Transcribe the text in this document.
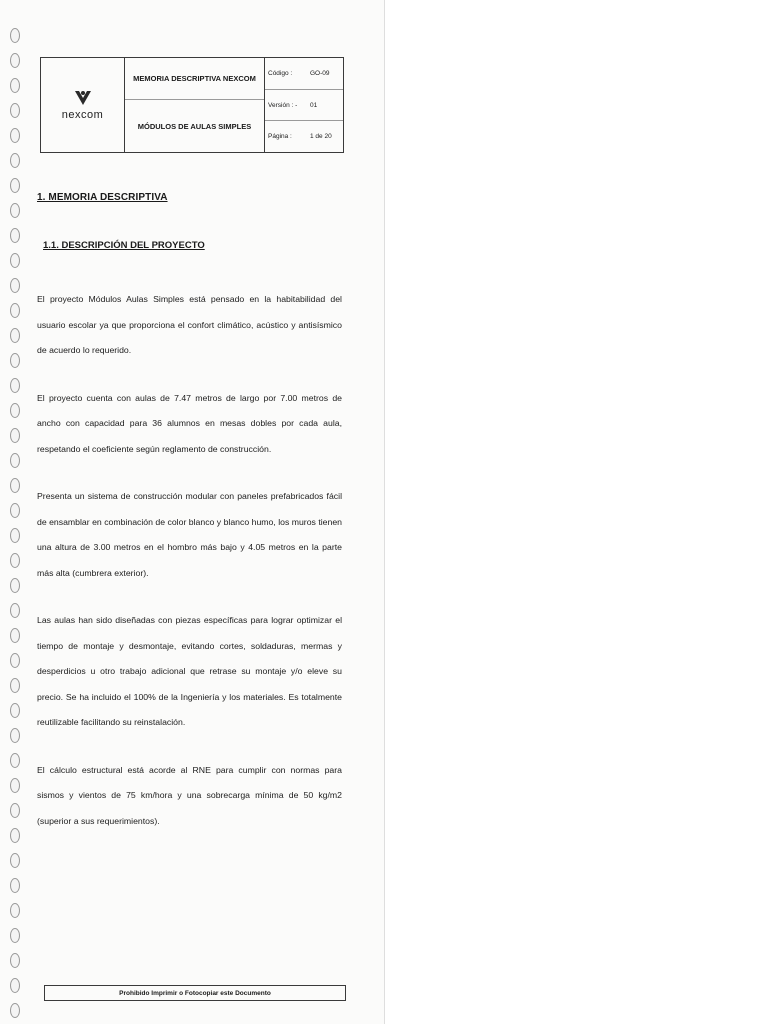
nexcom
MEMORIA DESCRIPTIVA NEXCOM
MÓDULOS DE AULAS SIMPLES
Código :	GO-09
Versión : -	01
Página :	1 de 20
1. MEMORIA DESCRIPTIVA
1.1. DESCRIPCIÓN DEL PROYECTO

El proyecto Módulos Aulas Simples está pensado en la habitabilidad del usuario escolar ya que proporciona el confort climático, acústico y antisísmico de acuerdo lo requerido.

El proyecto cuenta con aulas de 7.47 metros de largo por 7.00 metros de ancho con capacidad para 36 alumnos en mesas dobles por cada aula, respetando el coeficiente según reglamento de construcción.

Presenta un sistema de construcción modular con paneles prefabricados fácil de ensamblar en combinación de color blanco y blanco humo, los muros tienen una altura de 3.00 metros en el hombro más bajo y 4.05 metros en la parte más alta (cumbrera exterior).

Las aulas han sido diseñadas con piezas específicas para lograr optimizar el tiempo de montaje y desmontaje, evitando cortes, soldaduras, mermas y desperdicios u otro trabajo adicional que retrase su montaje y/o eleve su precio. Se ha incluido el 100% de la Ingeniería y los materiales. Es totalmente reutilizable facilitando su reinstalación.

El cálculo estructural está acorde al RNE para cumplir con normas para sismos y vientos de 75 km/hora y una sobrecarga mínima de 50 kg/m2 (superior a sus requerimientos).

Prohibido Imprimir o Fotocopiar este Documento
